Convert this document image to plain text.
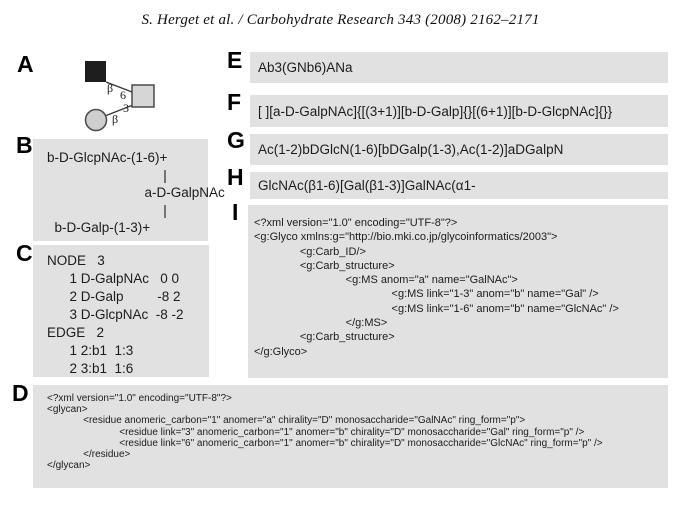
S. Herget et al. / Carbohydrate Research 343 (2008) 2162–2171
A
B
C
D
E
F
G
H
I
β 6
β
3
b-D-GlcpNAc-(1-6)+
|
a-D-GalpNAc
|
b-D-Galp-(1-3)+
NODE   3
1 D-GalpNAc   0 0
2 D-Galp         -8 2
3 D-GlcpNAc  -8 -2
EDGE   2
1 2:b1  1:3
2 3:b1  1:6
<?xml version="1.0" encoding="UTF-8"?>
<glycan>
<residue anomeric_carbon="1" anomer="a" chirality="D" monosaccharide="GalNAc" ring_form="p">
<residue link="3" anomeric_carbon="1" anomer="b" chirality="D" monosaccharide="Gal" ring_form="p" />
<residue link="6" anomeric_carbon="1" anomer="b" chirality="D" monosaccharide="GlcNAc" ring_form="p" />
</residue>
</glycan>
Ab3(GNb6)ANa
[ ][a-D-GalpNAc]{[(3+1)][b-D-Galp]{}[(6+1)][b-D-GlcpNAc]{}}
Ac(1-2)bDGlcN(1-6)[bDGalp(1-3),Ac(1-2)]aDGalpN
GlcNAc(β1-6)[Gal(β1-3)]GalNAc(α1-
<?xml version="1.0" encoding="UTF-8"?>
<g:Glyco xmlns:g="http://bio.mki.co.jp/glycoinformatics/2003">
<g:Carb_ID/>
<g:Carb_structure>
<g:MS anom="a" name="GalNAc">
<g:MS link="1-3" anom="b" name="Gal" />
<g:MS link="1-6" anom="b" name="GlcNAc" />
</g:MS>
<g:Carb_structure>
</g:Glyco>
